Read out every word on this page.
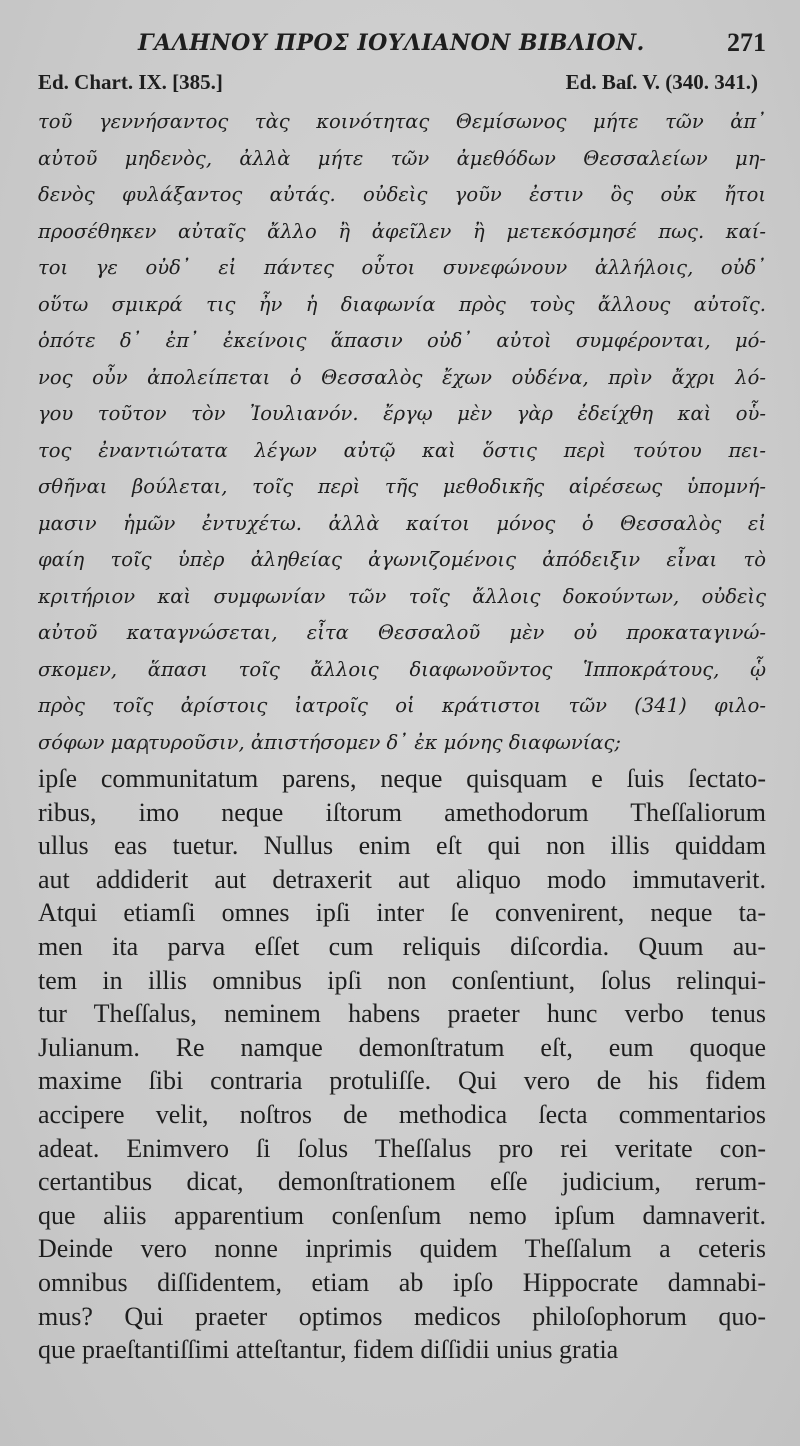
ΓΑΛΗΝΟΥ ΠΡΟΣ ΙΟΥΛΙΑΝΟΝ ΒΙΒΛΙΟΝ.	271
Ed. Chart. IX. [385.]	Ed. Baſ. V. (340. 341.)
τοῦ γεννήσαντος τὰς κοινότητας Θεμίσωνος μήτε τῶν ἀπ᾽
αὐτοῦ μηδενὸς, ἀλλὰ μήτε τῶν ἀμεθόδων Θεσσαλείων μη-
δενὸς φυλάξαντος αὐτάς. οὐδεὶς γοῦν ἐστιν ὃς οὐκ ἤτοι
προσέθηκεν αὐταῖς ἄλλο ἢ ἀφεῖλεν ἢ μετεκόσμησέ πως. καί-
τοι γε οὐδ᾽ εἰ πάντες οὗτοι συνεφώνουν ἀλλήλοις, οὐδ᾽
οὕτω σμικρά τις ἦν ἡ διαφωνία πρὸς τοὺς ἄλλους αὐτοῖς.
ὁπότε δ᾽ ἐπ᾽ ἐκείνοις ἅπασιν οὐδ᾽ αὐτοὶ συμφέρονται, μό-
νος οὖν ἀπολείπεται ὁ Θεσσαλὸς ἔχων οὐδένα, πρὶν ἄχρι λό-
γου τοῦτον τὸν Ἰουλιανόν. ἔργῳ μὲν γὰρ ἐδείχθη καὶ οὗ-
τος ἐναντιώτατα λέγων αὐτῷ καὶ ὅστις περὶ τούτου πει-
σθῆναι βούλεται, τοῖς περὶ τῆς μεθοδικῆς αἱρέσεως ὑπομνή-
μασιν ἡμῶν ἐντυχέτω. ἀλλὰ καίτοι μόνος ὁ Θεσσαλὸς εἰ
φαίη τοῖς ὑπὲρ ἀληθείας ἀγωνιζομένοις ἀπόδειξιν εἶναι τὸ
κριτήριον καὶ συμφωνίαν τῶν τοῖς ἄλλοις δοκούντων, οὐδεὶς
αὐτοῦ καταγνώσεται, εἶτα Θεσσαλοῦ μὲν οὐ προκαταγινώ-
σκομεν, ἅπασι τοῖς ἄλλοις διαφωνοῦντος Ἱπποκράτους, ᾧ
πρὸς τοῖς ἀρίστοις ἰατροῖς οἱ κράτιστοι τῶν (341) φιλο-
σόφων μαρτυροῦσιν, ἀπιστήσομεν δ᾽ ἐκ μόνης διαφωνίας;
ipſe communitatum parens, neque quisquam e ſuis ſectato-
ribus, imo neque iſtorum amethodorum Theſſaliorum
ullus eas tuetur. Nullus enim eſt qui non illis quiddam
aut addiderit aut detraxerit aut aliquo modo immutaverit.
Atqui etiamſi omnes ipſi inter ſe convenirent, neque ta-
men ita parva eſſet cum reliquis diſcordia. Quum au-
tem in illis omnibus ipſi non conſentiunt, ſolus relinqui-
tur Theſſalus, neminem habens praeter hunc verbo tenus
Julianum. Re namque demonſtratum eſt, eum quoque
maxime ſibi contraria protuliſſe. Qui vero de his fidem
accipere velit, noſtros de methodica ſecta commentarios
adeat. Enimvero ſi ſolus Theſſalus pro rei veritate con-
certantibus dicat, demonſtrationem eſſe judicium, rerum-
que aliis apparentium conſenſum nemo ipſum damnaverit.
Deinde vero nonne inprimis quidem Theſſalum a ceteris
omnibus diſſidentem, etiam ab ipſo Hippocrate damnabi-
mus? Qui praeter optimos medicos philoſophorum quo-
que praeſtantiſſimi atteſtantur, fidem diſſidii unius gratia
